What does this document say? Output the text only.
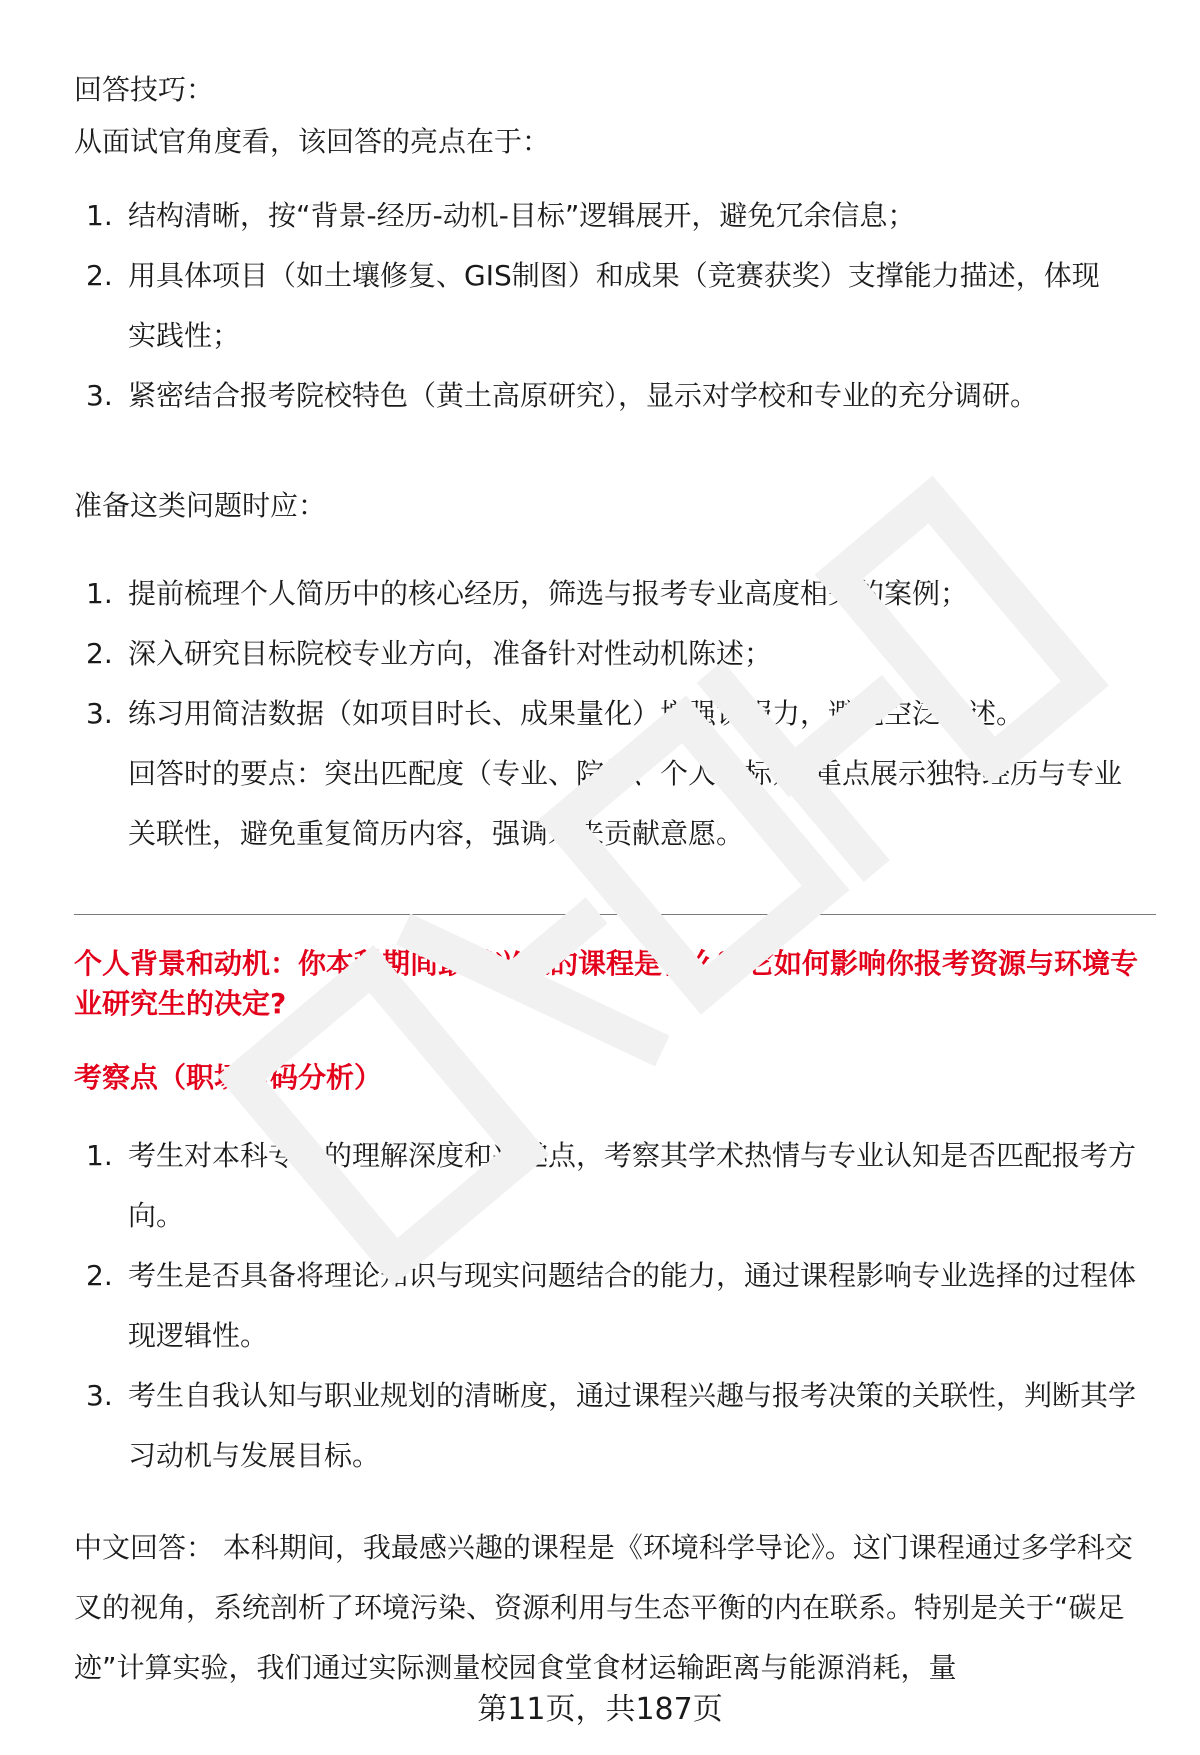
回答技巧：

从面试官角度看，该回答的亮点在于：

1. 结构清晰，按“背景-经历-动机-目标”逻辑展开，避免冗余信息；
2. 用具体项目（如土壤修复、GIS制图）和成果（竞赛获奖）支撑能力描述，体现实践性；
3. 紧密结合报考院校特色（黄土高原研究），显示对学校和专业的充分调研。

准备这类问题时应：

1. 提前梳理个人简历中的核心经历，筛选与报考专业高度相关的案例；
2. 深入研究目标院校专业方向，准备针对性动机陈述；
3. 练习用简洁数据（如项目时长、成果量化）增强说服力，避免空泛描述。
回答时的要点：突出匹配度（专业、院校、个人目标），重点展示独特经历与专业关联性，避免重复简历内容，强调未来贡献意愿。

个人背景和动机：你本科期间最感兴趣的课程是什么？它如何影响你报考资源与环境专业研究生的决定?

考察点（职场密码分析）

1. 考生对本科专业的理解深度和兴趣点，考察其学术热情与专业认知是否匹配报考方向。
2. 考生是否具备将理论知识与现实问题结合的能力，通过课程影响专业选择的过程体现逻辑性。
3. 考生自我认知与职业规划的清晰度，通过课程兴趣与报考决策的关联性，判断其学习动机与发展目标。

中文回答： 本科期间，我最感兴趣的课程是《环境科学导论》。这门课程通过多学科交叉的视角，系统剖析了环境污染、资源利用与生态平衡的内在联系。特别是关于“碳足迹”计算实验，我们通过实际测量校园食堂食材运输距离与能源消耗，量

第11页，共187页
